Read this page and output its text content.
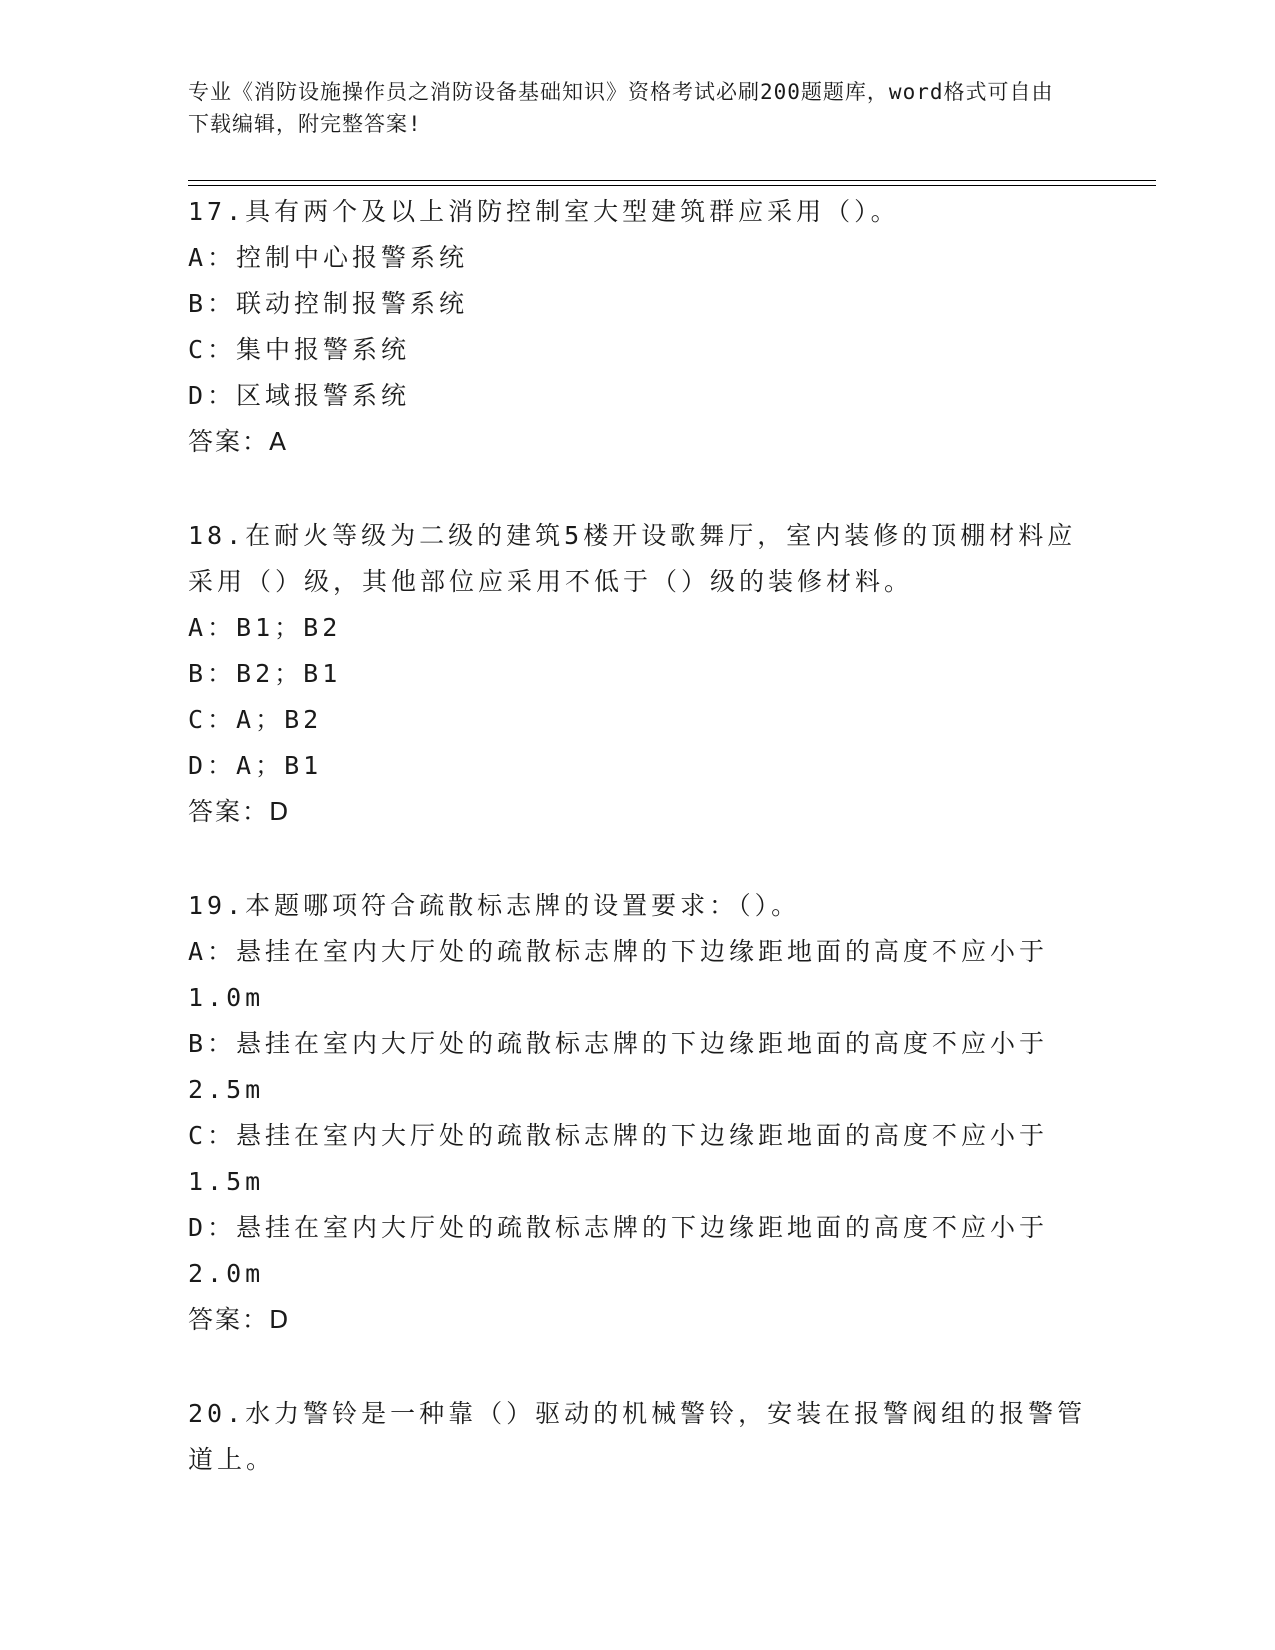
专业《消防设施操作员之消防设备基础知识》资格考试必刷200题题库，word格式可自由下载编辑，附完整答案!
17.具有两个及以上消防控制室大型建筑群应采用（）。
A：控制中心报警系统
B：联动控制报警系统
C：集中报警系统
D：区域报警系统
答案：A
18.在耐火等级为二级的建筑5楼开设歌舞厅，室内装修的顶棚材料应
采用（）级，其他部位应采用不低于（）级的装修材料。
A：B1；B2
B：B2；B1
C：A；B2
D：A；B1
答案：D
19.本题哪项符合疏散标志牌的设置要求：（）。
A：悬挂在室内大厅处的疏散标志牌的下边缘距地面的高度不应小于
1.0m
B：悬挂在室内大厅处的疏散标志牌的下边缘距地面的高度不应小于
2.5m
C：悬挂在室内大厅处的疏散标志牌的下边缘距地面的高度不应小于
1.5m
D：悬挂在室内大厅处的疏散标志牌的下边缘距地面的高度不应小于
2.0m
答案：D
20.水力警铃是一种靠（）驱动的机械警铃，安装在报警阀组的报警管
道上。
